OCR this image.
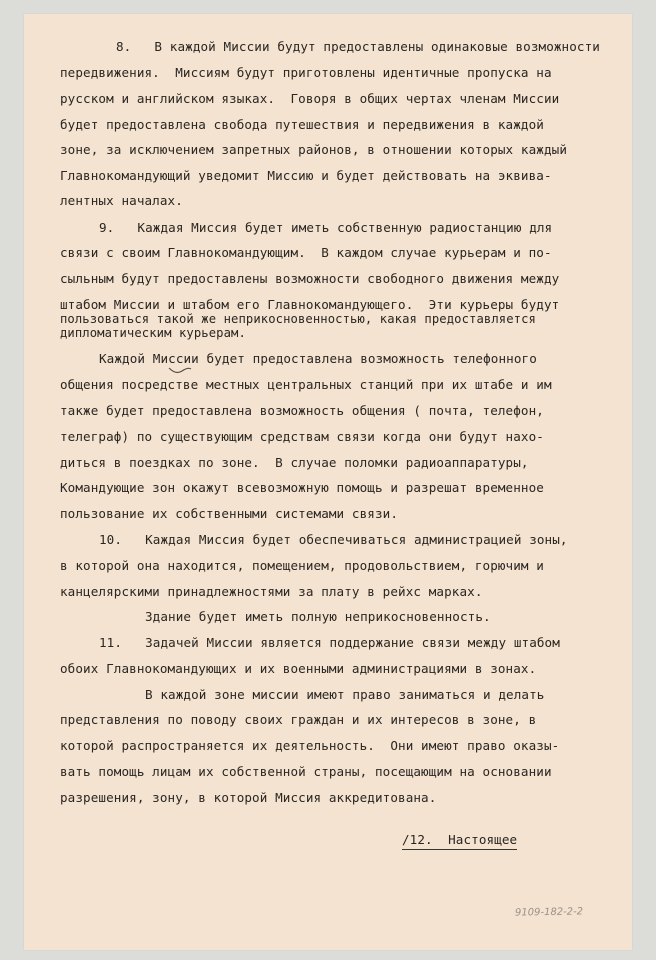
8.   В каждой Миссии будут предоставлены одинаковые возможности
передвижения.  Миссиям будут приготовлены идентичные пропуска на
русском и английском языках.  Говоря в общих чертах членам Миссии
будет предоставлена свобода путешествия и передвижения в каждой
зоне, за исключением запретных районов, в отношении которых каждый
Главнокомандующий уведомит Миссию и будет действовать на эквива-
лентных началах.
9.   Каждая Миссия будет иметь собственную радиостанцию для
связи с своим Главнокомандующим.  В каждом случае курьерам и по-
сыльным будут предоставлены возможности свободного движения между
штабом Миссии и штабом его Главнокомандующего.  Эти курьеры будут
пользоваться такой же неприкосновенностью, какая предоставляется
дипломатическим курьерам.
Каждой Миссии будет предоставлена возможность телефонного
общения посредстве местных центральных станций при их штабе и им
также будет предоставлена возможность общения ( почта, телефон,
телеграф) по существующим средствам связи когда они будут нахо-
диться в поездках по зоне.  В случае поломки радиоаппаратуры,
Командующие зон окажут всевозможную помощь и разрешат временное
пользование их собственными системами связи.
10.   Каждая Миссия будет обеспечиваться администрацией зоны,
в которой она находится, помещением, продовольствием, горючим и
канцелярскими принадлежностями за плату в рейхс марках.
Здание будет иметь полную неприкосновенность.
11.   Задачей Миссии является поддержание связи между штабом
обоих Главнокомандующих и их военными администрациями в зонах.
В каждой зоне миссии имеют право заниматься и делать
представления по поводу своих граждан и их интересов в зоне, в
которой распространяется их деятельность.  Они имеют право оказы-
вать помощь лицам их собственной страны, посещающим на основании
разрешения, зону, в которой Миссия аккредитована.
/12.  Настоящее
9109-182-2-2
